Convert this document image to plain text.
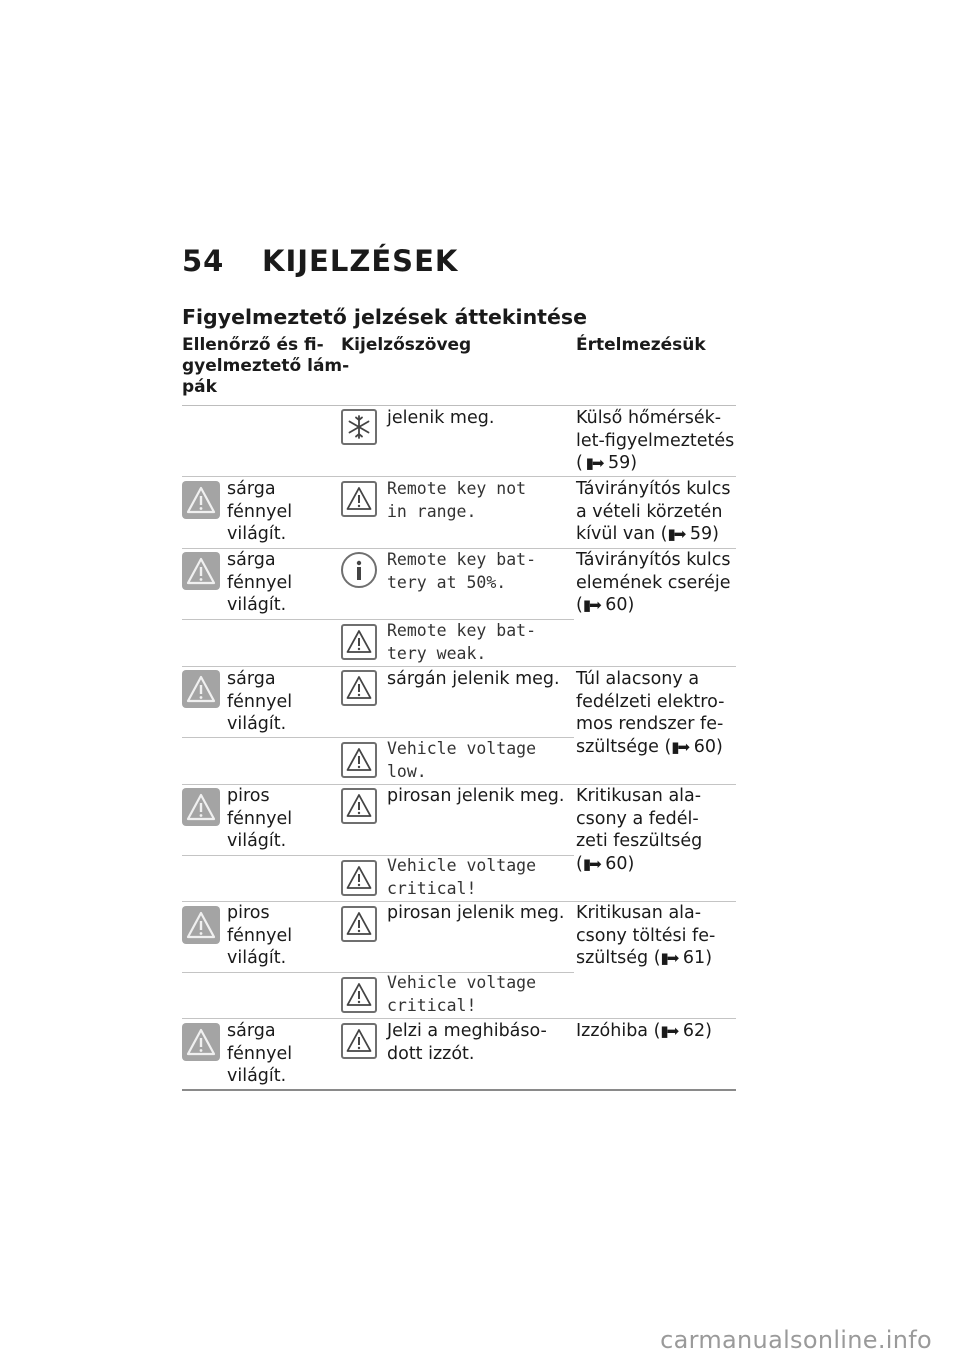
54 KIJELZÉSEK
Figyelmeztető jelzések áttekintése
Ellenőrző és fi-
gyelmeztető lám-
pák
Kijelzőszöveg	Értelmezésük
jelenik meg.	Külső hőmérsék-
let-figyelmeztetés
( ▮➡ 59)
sárga
fénnyel
világít.
Remote key not
in range.
Távirányítós kulcs
a vételi körzetén
kívül van (▮➡ 59)
sárga
fénnyel
világít.
Remote key bat-
tery at 50%.
Távirányítós kulcs
elemének cseréje
(▮➡ 60)
Remote key bat-
tery weak.
sárga
fénnyel
világít.
sárgán jelenik meg. Túl alacsony a
fedélzeti elektro-
mos rendszer fe-
szültsége (▮➡ 60)
Vehicle voltage
low.
piros
fénnyel
világít.
pirosan jelenik meg. Kritikusan ala-
csony a fedél-
zeti feszültség
(▮➡ 60)
Vehicle voltage
critical!
piros
fénnyel
világít.
pirosan jelenik meg. Kritikusan ala-
csony töltési fe-
szültség (▮➡ 61)
Vehicle voltage
critical!
sárga
fénnyel
világít.
Jelzi a meghibáso-
dott izzót.
Izzóhiba (▮➡ 62)
carmanualsonline.info
